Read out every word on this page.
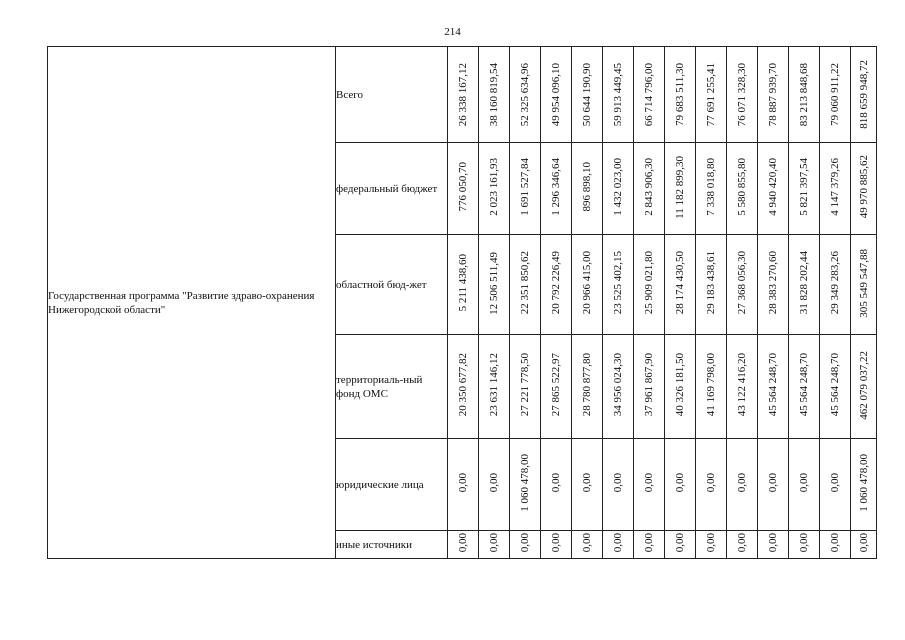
214
Государственная программа "Развитие здраво-охранения Нижегородской области"	Всего	26 338 167,12	38 160 819,54	52 325 634,96	49 954 096,10	50 644 190,90	59 913 449,45	66 714 796,00	79 683 511,30	77 691 255,41	76 071 328,30	78 887 939,70	83 213 848,68	79 060 911,22	818 659 948,72
	федеральный бюджет	776 050,70	2 023 161,93	1 691 527,84	1 296 346,64	896 898,10	1 432 023,00	2 843 906,30	11 182 899,30	7 338 018,80	5 580 855,80	4 940 420,40	5 821 397,54	4 147 379,26	49 970 885,62
	областной бюд-жет	5 211 438,60	12 506 511,49	22 351 850,62	20 792 226,49	20 966 415,00	23 525 402,15	25 909 021,80	28 174 430,50	29 183 438,61	27 368 056,30	28 383 270,60	31 828 202,44	29 349 283,26	305 549 547,88
	территориаль-ный фонд ОМС	20 350 677,82	23 631 146,12	27 221 778,50	27 865 522,97	28 780 877,80	34 956 024,30	37 961 867,90	40 326 181,50	41 169 798,00	43 122 416,20	45 564 248,70	45 564 248,70	45 564 248,70	462 079 037,22
	юридические лица	0,00	0,00	1 060 478,00	0,00	0,00	0,00	0,00	0,00	0,00	0,00	0,00	0,00	0,00	1 060 478,00
	иные источники	0,00	0,00	0,00	0,00	0,00	0,00	0,00	0,00	0,00	0,00	0,00	0,00	0,00	0,00
